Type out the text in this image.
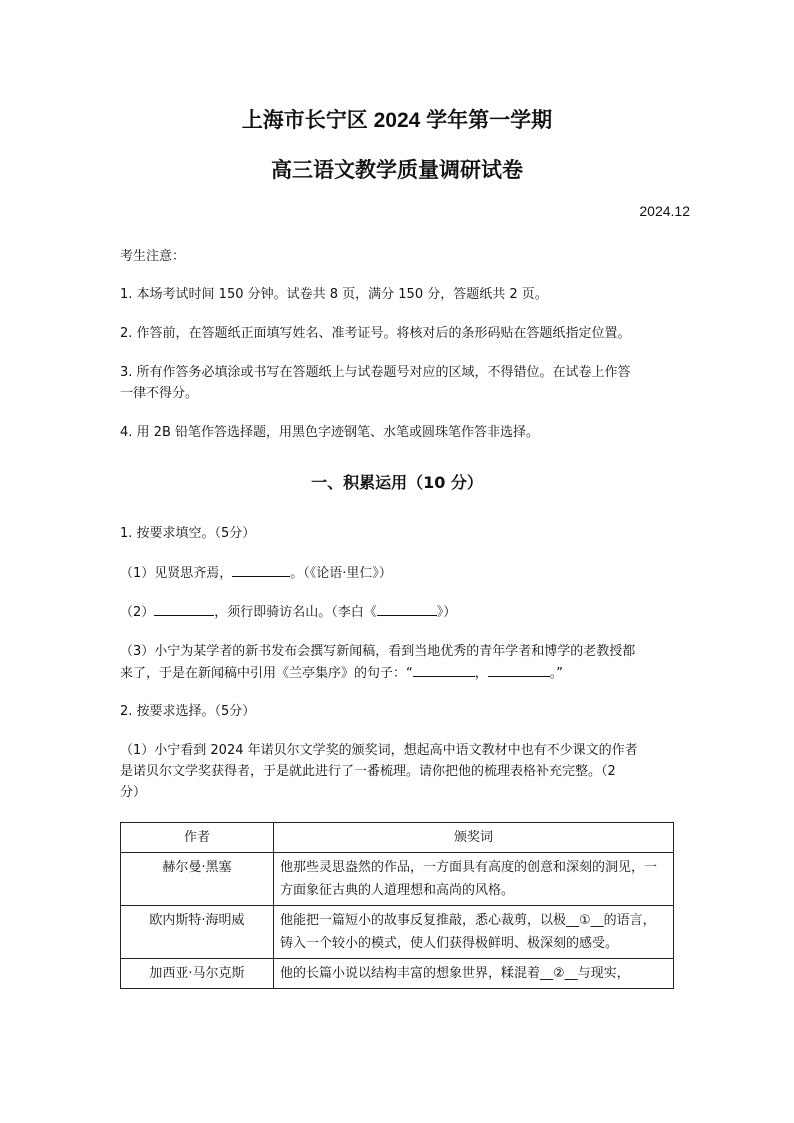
上海市长宁区 2024 学年第一学期
高三语文教学质量调研试卷
2024.12
考生注意：
1. 本场考试时间 150 分钟。试卷共 8 页，满分 150 分，答题纸共 2 页。
2. 作答前，在答题纸正面填写姓名、准考证号。将核对后的条形码贴在答题纸指定位置。
3. 所有作答务必填涂或书写在答题纸上与试卷题号对应的区域，不得错位。在试卷上作答
一律不得分。
4. 用 2B 铅笔作答选择题，用黑色字迹钢笔、水笔或圆珠笔作答非选择。
一、积累运用（10 分）
1. 按要求填空。（5分）
（1）见贤思齐焉，	。（《论语·里仁》）
（2）	，须行即骑访名山。（李白《	》）
（3）小宁为某学者的新书发布会撰写新闻稿，看到当地优秀的青年学者和博学的老教授都
来了，于是在新闻稿中引用《兰亭集序》的句子：“	，	。”
2. 按要求选择。（5分）
（1）小宁看到 2024 年诺贝尔文学奖的颁奖词，想起高中语文教材中也有不少课文的作者
是诺贝尔文学奖获得者，于是就此进行了一番梳理。请你把他的梳理表格补充完整。（2
分）
作者	颁奖词
赫尔曼·黑塞	他那些灵思盎然的作品，一方面具有高度的创意和深刻的洞见，一方面象征古典的人道理想和高尚的风格。
欧内斯特·海明威	他能把一篇短小的故事反复推敲，悉心裁剪，以极__①__的语言，铸入一个较小的模式，使人们获得极鲜明、极深刻的感受。
加西亚·马尔克斯	他的长篇小说以结构丰富的想象世界，糅混着__②__与现实，
